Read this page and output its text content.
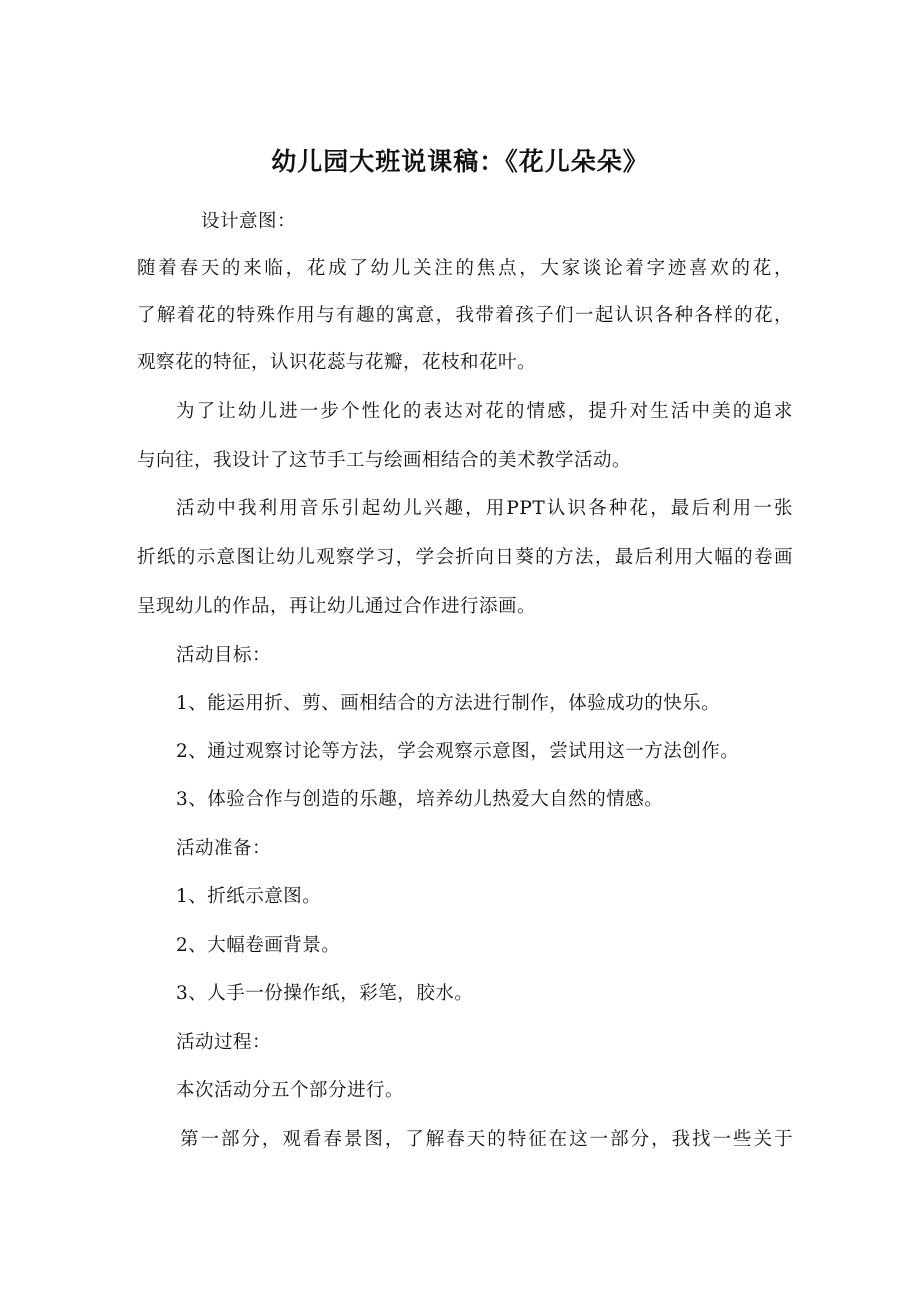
幼儿园大班说课稿：《花儿朵朵》
设计意图：
随着春天的来临，花成了幼儿关注的焦点，大家谈论着字迹喜欢的花，
了解着花的特殊作用与有趣的寓意，我带着孩子们一起认识各种各样的花，
观察花的特征，认识花蕊与花瓣，花枝和花叶。
为了让幼儿进一步个性化的表达对花的情感，提升对生活中美的追求
与向往，我设计了这节手工与绘画相结合的美术教学活动。
活动中我利用音乐引起幼儿兴趣，用PPT认识各种花，最后利用一张
折纸的示意图让幼儿观察学习，学会折向日葵的方法，最后利用大幅的卷画
呈现幼儿的作品，再让幼儿通过合作进行添画。
活动目标：
1、能运用折、剪、画相结合的方法进行制作，体验成功的快乐。
2、通过观察讨论等方法，学会观察示意图，尝试用这一方法创作。
3、体验合作与创造的乐趣，培养幼儿热爱大自然的情感。
活动准备：
1、折纸示意图。
2、大幅卷画背景。
3、人手一份操作纸，彩笔，胶水。
活动过程：
本次活动分五个部分进行。
第一部分，观看春景图，了解春天的特征在这一部分，我找一些关于
